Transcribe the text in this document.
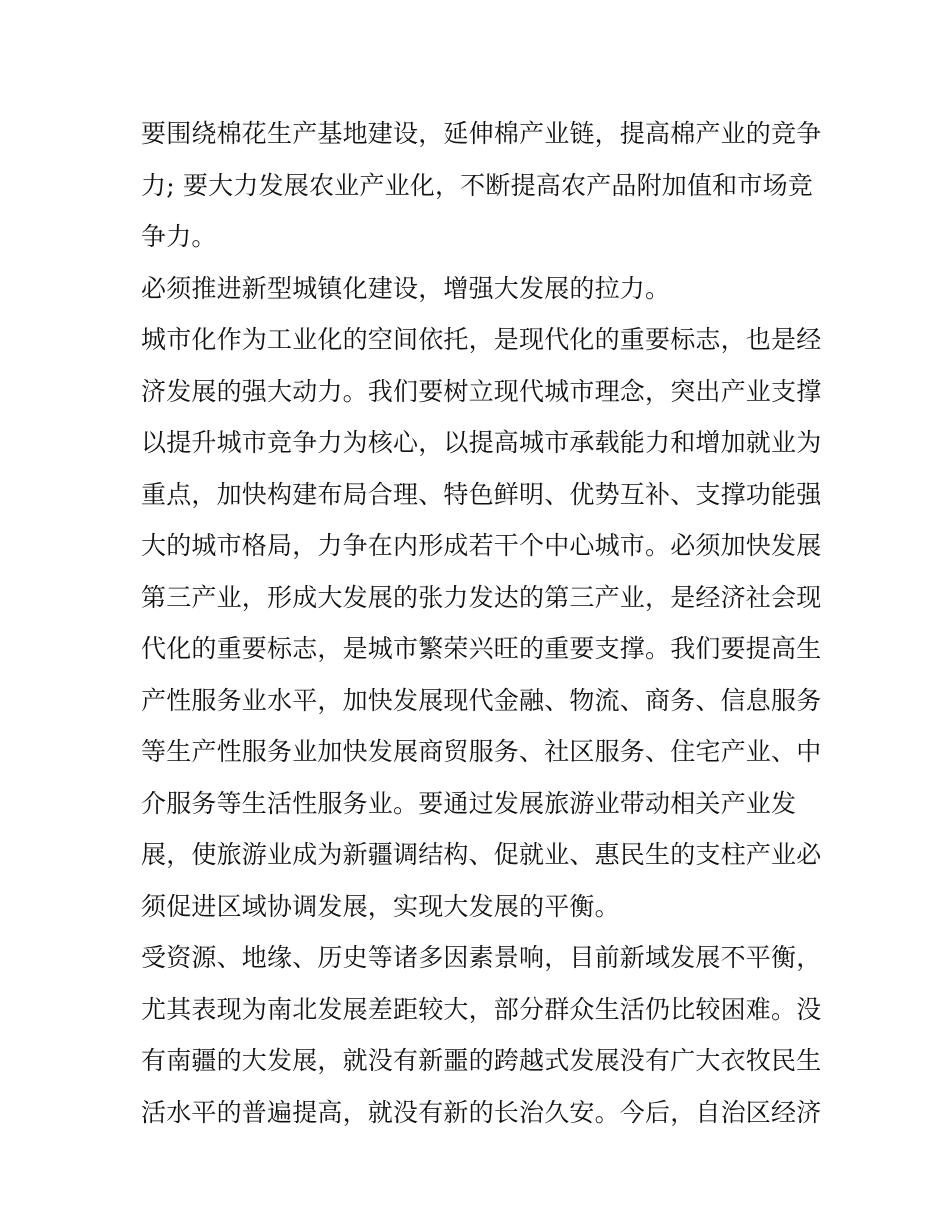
要围绕棉花生产基地建设，延伸棉产业链，提高棉产业的竞争
力; 要大力发展农业产业化，不断提高农产品附加值和市场竞
争力。
必须推进新型城镇化建设，增强大发展的拉力。
城市化作为工业化的空间依托，是现代化的重要标志，也是经
济发展的强大动力。我们要树立现代城市理念，突出产业支撑
以提升城市竞争力为核心，以提高城市承载能力和增加就业为
重点，加快构建布局合理、特色鲜明、优势互补、支撑功能强
大的城市格局，力争在内形成若干个中心城市。必须加快发展
第三产业，形成大发展的张力发达的第三产业，是经济社会现
代化的重要标志，是城市繁荣兴旺的重要支撑。我们要提高生
产性服务业水平，加快发展现代金融、物流、商务、信息服务
等生产性服务业加快发展商贸服务、社区服务、住宅产业、中
介服务等生活性服务业。要通过发展旅游业带动相关产业发
展，使旅游业成为新疆调结构、促就业、惠民生的支柱产业必
须促进区域协调发展，实现大发展的平衡。
受资源、地缘、历史等诸多因素景响，目前新域发展不平衡，
尤其表现为南北发展差距较大，部分群众生活仍比较困难。没
有南疆的大发展，就没有新噩的跨越式发展没有广大衣牧民生
活水平的普遍提高，就没有新的长治久安。今后，自治区经济
